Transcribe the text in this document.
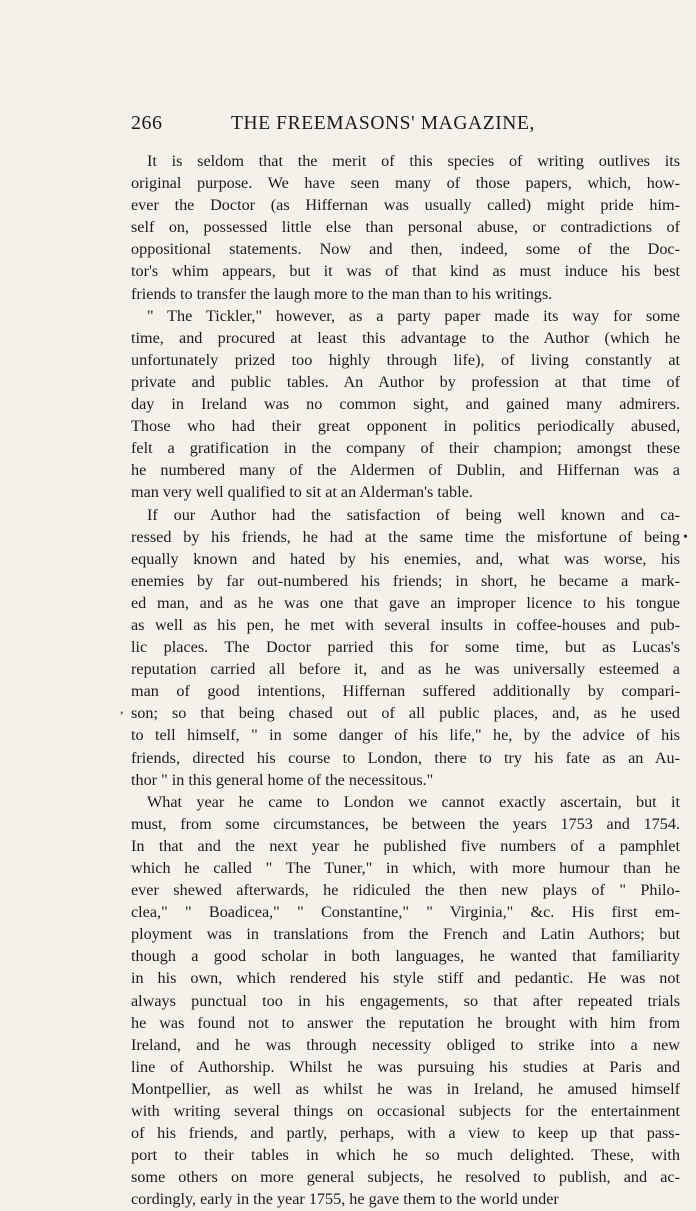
266	THE FREEMASONS' MAGAZINE,
It is seldom that the merit of this species of writing outlives its
original purpose. We have seen many of those papers, which, how-
ever the Doctor (as Hiffernan was usually called) might pride him-
self on, possessed little else than personal abuse, or contradictions of
oppositional statements. Now and then, indeed, some of the Doc-
tor's whim appears, but it was of that kind as must induce his best
friends to transfer the laugh more to the man than to his writings.
" The Tickler," however, as a party paper made its way for some
time, and procured at least this advantage to the Author (which he
unfortunately prized too highly through life), of living constantly at
private and public tables. An Author by profession at that time of
day in Ireland was no common sight, and gained many admirers.
Those who had their great opponent in politics periodically abused,
felt a gratification in the company of their champion; amongst these
he numbered many of the Aldermen of Dublin, and Hiffernan was a
man very well qualified to sit at an Alderman's table.
If our Author had the satisfaction of being well known and ca-
ressed by his friends, he had at the same time the misfortune of being
equally known and hated by his enemies, and, what was worse, his
enemies by far out-numbered his friends; in short, he became a mark-
ed man, and as he was one that gave an improper licence to his tongue
as well as his pen, he met with several insults in coffee-houses and pub-
lic places. The Doctor parried this for some time, but as Lucas's
reputation carried all before it, and as he was universally esteemed a
man of good intentions, Hiffernan suffered additionally by compari-
son; so that being chased out of all public places, and, as he used
to tell himself, " in some danger of his life," he, by the advice of his
friends, directed his course to London, there to try his fate as an Au-
thor " in this general home of the necessitous."
What year he came to London we cannot exactly ascertain, but it
must, from some circumstances, be between the years 1753 and 1754.
In that and the next year he published five numbers of a pamphlet
which he called " The Tuner," in which, with more humour than he
ever shewed afterwards, he ridiculed the then new plays of " Philo-
clea," " Boadicea," " Constantine," " Virginia," &c. His first em-
ployment was in translations from the French and Latin Authors; but
though a good scholar in both languages, he wanted that familiarity
in his own, which rendered his style stiff and pedantic. He was not
always punctual too in his engagements, so that after repeated trials
he was found not to answer the reputation he brought with him from
Ireland, and he was through necessity obliged to strike into a new
line of Authorship. Whilst he was pursuing his studies at Paris and
Montpellier, as well as whilst he was in Ireland, he amused himself
with writing several things on occasional subjects for the entertainment
of his friends, and partly, perhaps, with a view to keep up that pass-
port to their tables in which he so much delighted. These, with
some others on more general subjects, he resolved to publish, and ac-
cordingly, early in the year 1755, he gave them to the world under
•
,
